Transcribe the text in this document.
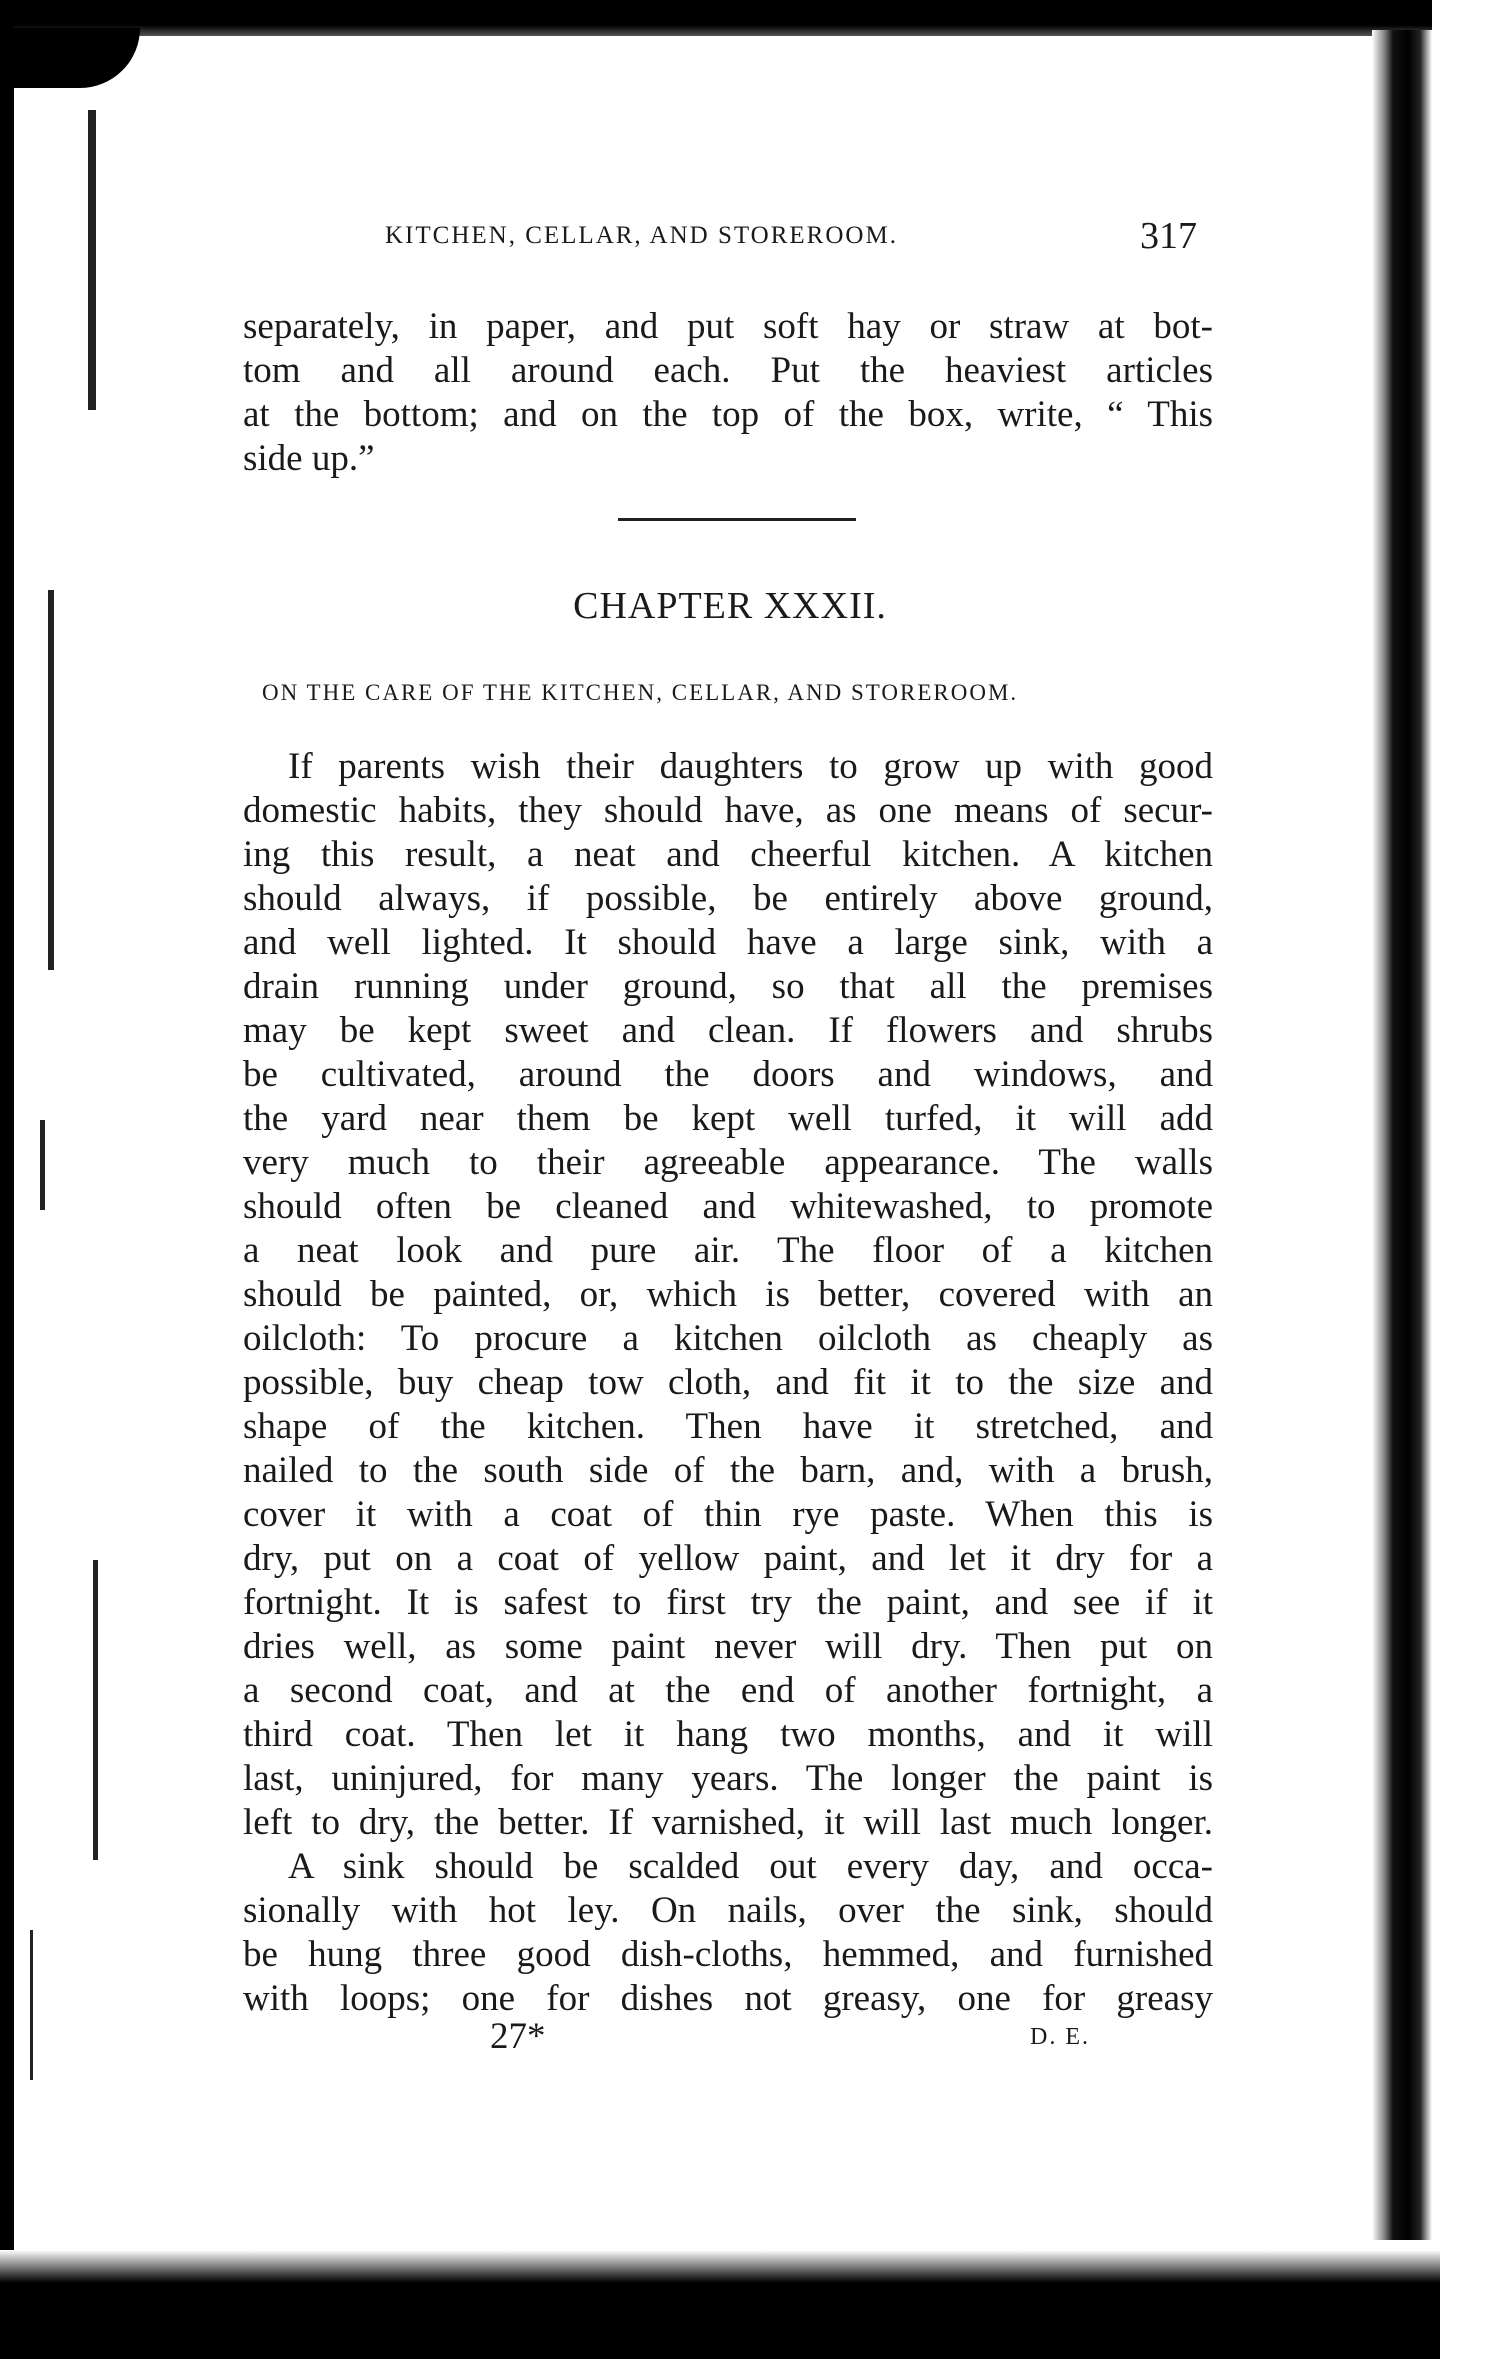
KITCHEN, CELLAR, AND STOREROOM.	317
separately, in paper, and put soft hay or straw at bot-
tom and all around each. Put the heaviest articles
at the bottom; and on the top of the box, write, “ This
side up.”
CHAPTER XXXII.
ON THE CARE OF THE KITCHEN, CELLAR, AND STOREROOM.
If parents wish their daughters to grow up with good
domestic habits, they should have, as one means of secur-
ing this result, a neat and cheerful kitchen. A kitchen
should always, if possible, be entirely above ground,
and well lighted. It should have a large sink, with a
drain running under ground, so that all the premises
may be kept sweet and clean. If flowers and shrubs
be cultivated, around the doors and windows, and
the yard near them be kept well turfed, it will add
very much to their agreeable appearance. The walls
should often be cleaned and whitewashed, to promote
a neat look and pure air. The floor of a kitchen
should be painted, or, which is better, covered with an
oilcloth: To procure a kitchen oilcloth as cheaply as
possible, buy cheap tow cloth, and fit it to the size and
shape of the kitchen. Then have it stretched, and
nailed to the south side of the barn, and, with a brush,
cover it with a coat of thin rye paste. When this is
dry, put on a coat of yellow paint, and let it dry for a
fortnight. It is safest to first try the paint, and see if it
dries well, as some paint never will dry. Then put on
a second coat, and at the end of another fortnight, a
third coat. Then let it hang two months, and it will
last, uninjured, for many years. The longer the paint is
left to dry, the better. If varnished, it will last much longer.
A sink should be scalded out every day, and occa-
sionally with hot ley. On nails, over the sink, should
be hung three good dish-cloths, hemmed, and furnished
with loops; one for dishes not greasy, one for greasy
27*	D. E.
